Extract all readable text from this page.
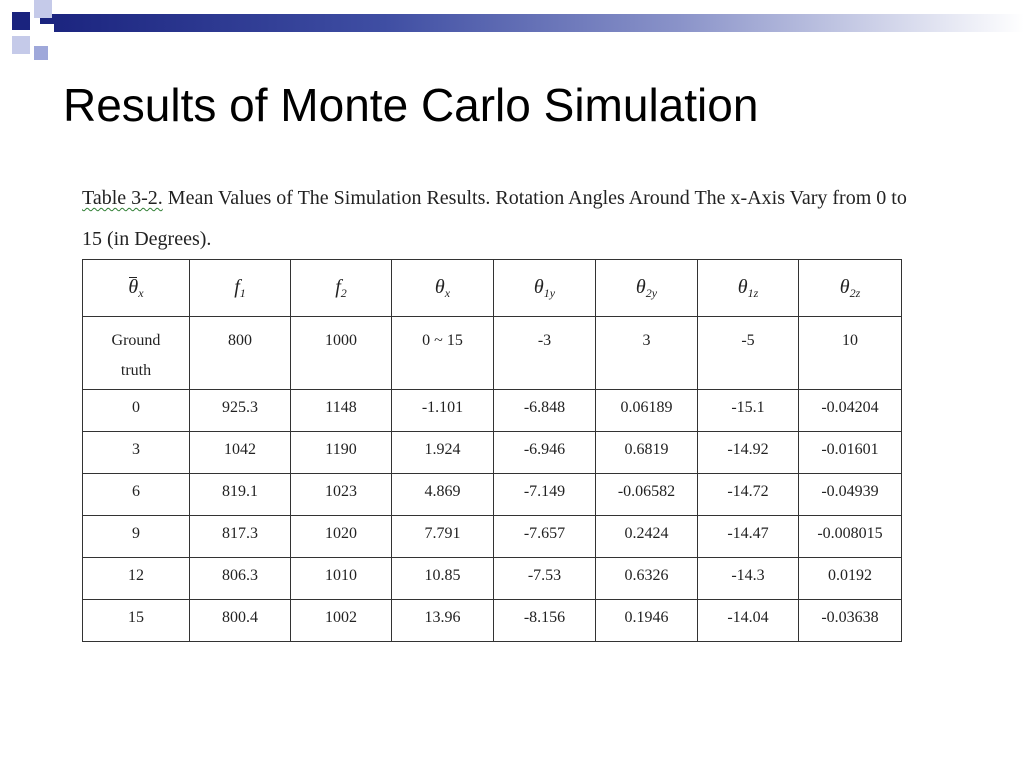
Results of Monte Carlo Simulation
Table 3-2. Mean Values of The Simulation Results. Rotation Angles Around The x-Axis Vary from 0 to 15 (in Degrees).
$\theta_x$	$f_1$	$f_2$	$\theta_x$	$\theta_{1y}$	$\theta_{2y}$	$\theta_{1z}$	$\theta_{2z}$
Ground
truth	800	1000	0 ~ 15	-3	3	-5	10
0	925.3	1148	-1.101	-6.848	0.06189	-15.1	-0.04204
3	1042	1190	1.924	-6.946	0.6819	-14.92	-0.01601
6	819.1	1023	4.869	-7.149	-0.06582	-14.72	-0.04939
9	817.3	1020	7.791	-7.657	0.2424	-14.47	-0.008015
12	806.3	1010	10.85	-7.53	0.6326	-14.3	0.0192
15	800.4	1002	13.96	-8.156	0.1946	-14.04	-0.03638
